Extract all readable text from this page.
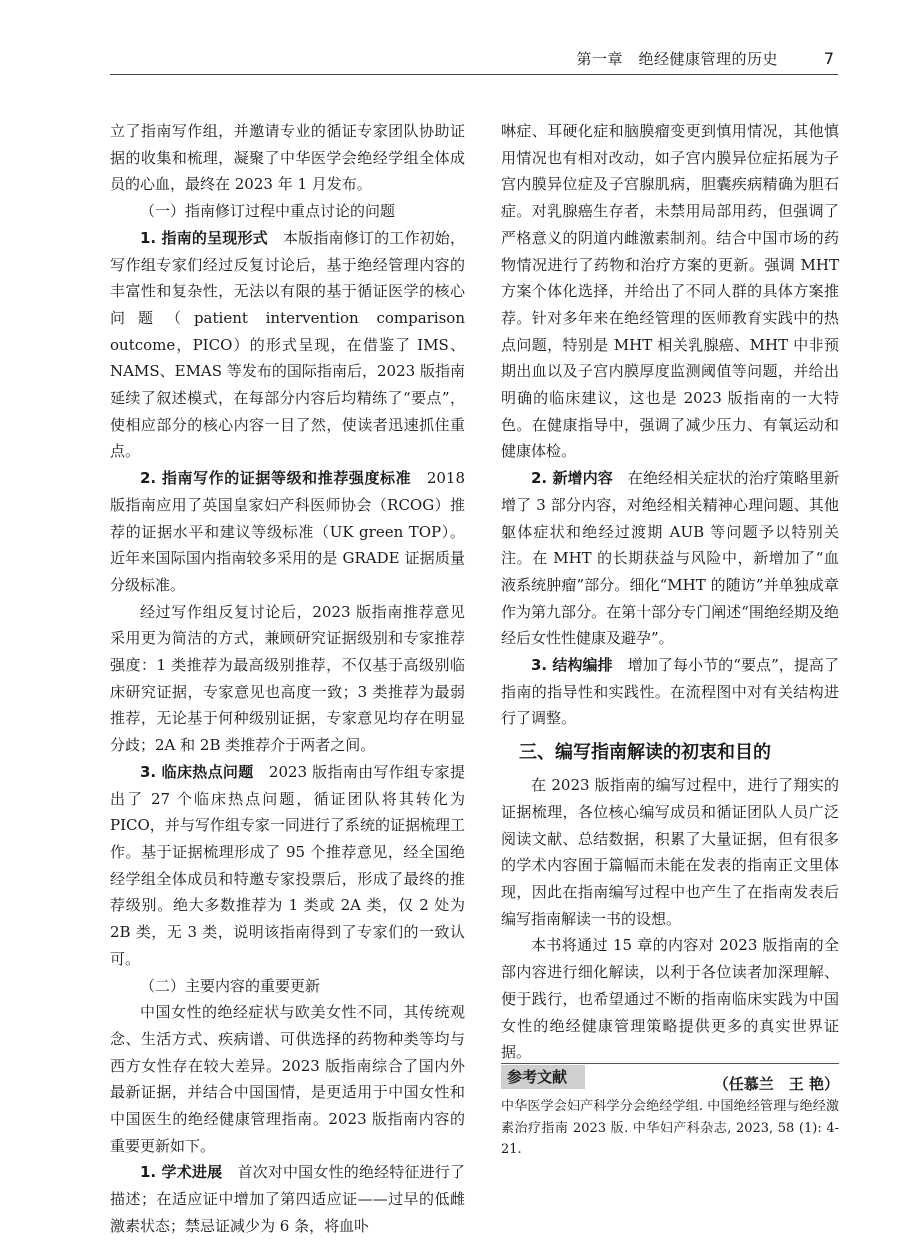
第一章　绝经健康管理的历史	7

立了指南写作组，并邀请专业的循证专家团队协助证据的收集和梳理，凝聚了中华医学会绝经学组全体成员的心血，最终在 2023 年 1 月发布。

（一）指南修订过程中重点讨论的问题

1. 指南的呈现形式　 本版指南修订的工作初始，写作组专家们经过反复讨论后，基于绝经管理内容的丰富性和复杂性，无法以有限的基于循证医学的核心问题（patient intervention comparison outcome，PICO）的形式呈现，在借鉴了 IMS、NAMS、EMAS 等发布的国际指南后，2023 版指南延续了叙述模式，在每部分内容后均精练了“要点”，使相应部分的核心内容一目了然，使读者迅速抓住重点。

2. 指南写作的证据等级和推荐强度标准　 2018 版指南应用了英国皇家妇产科医师协会（RCOG）推荐的证据水平和建议等级标准（UK green TOP）。近年来国际国内指南较多采用的是 GRADE 证据质量分级标准。

经过写作组反复讨论后，2023 版指南推荐意见采用更为简洁的方式，兼顾研究证据级别和专家推荐强度：1 类推荐为最高级别推荐，不仅基于高级别临床研究证据，专家意见也高度一致；3 类推荐为最弱推荐，无论基于何种级别证据，专家意见均存在明显分歧；2A 和 2B 类推荐介于两者之间。

3. 临床热点问题　 2023 版指南由写作组专家提出了 27 个临床热点问题，循证团队将其转化为 PICO，并与写作组专家一同进行了系统的证据梳理工作。基于证据梳理形成了 95 个推荐意见，经全国绝经学组全体成员和特邀专家投票后，形成了最终的推荐级别。绝大多数推荐为 1 类或 2A 类，仅 2 处为 2B 类，无 3 类，说明该指南得到了专家们的一致认可。

（二）主要内容的重要更新

中国女性的绝经症状与欧美女性不同，其传统观念、生活方式、疾病谱、可供选择的药物种类等均与西方女性存在较大差异。2023 版指南综合了国内外最新证据，并结合中国国情，是更适用于中国女性和中国医生的绝经健康管理指南。2023 版指南内容的重要更新如下。

1. 学术进展　 首次对中国女性的绝经特征进行了描述；在适应证中增加了第四适应证——过早的低雌激素状态；禁忌证减少为 6 条，将血卟

啉症、耳硬化症和脑膜瘤变更到慎用情况，其他慎用情况也有相对改动，如子宫内膜异位症拓展为子宫内膜异位症及子宫腺肌病，胆囊疾病精确为胆石症。对乳腺癌生存者，未禁用局部用药，但强调了严格意义的阴道内雌激素制剂。结合中国市场的药物情况进行了药物和治疗方案的更新。强调 MHT 方案个体化选择，并给出了不同人群的具体方案推荐。针对多年来在绝经管理的医师教育实践中的热点问题，特别是 MHT 相关乳腺癌、MHT 中非预期出血以及子宫内膜厚度监测阈值等问题，并给出明确的临床建议，这也是 2023 版指南的一大特色。在健康指导中，强调了减少压力、有氧运动和健康体检。

2. 新增内容　 在绝经相关症状的治疗策略里新增了 3 部分内容，对绝经相关精神心理问题、其他躯体症状和绝经过渡期 AUB 等问题予以特别关注。在 MHT 的长期获益与风险中，新增加了“血液系统肿瘤”部分。细化“MHT 的随访”并单独成章作为第九部分。在第十部分专门阐述“围绝经期及绝经后女性性健康及避孕”。

3. 结构编排　 增加了每小节的“要点”，提高了指南的指导性和实践性。在流程图中对有关结构进行了调整。

三、编写指南解读的初衷和目的

在 2023 版指南的编写过程中，进行了翔实的证据梳理，各位核心编写成员和循证团队人员广泛阅读文献、总结数据，积累了大量证据，但有很多的学术内容囿于篇幅而未能在发表的指南正文里体现，因此在指南编写过程中也产生了在指南发表后编写指南解读一书的设想。

本书将通过 15 章的内容对 2023 版指南的全部内容进行细化解读，以利于各位读者加深理解、便于践行，也希望通过不断的指南临床实践为中国女性的绝经健康管理策略提供更多的真实世界证据。

（任慕兰　王 艳）
参考文献

中华医学会妇产科学分会绝经学组. 中国绝经管理与绝经激素治疗指南 2023 版. 中华妇产科杂志, 2023, 58 (1): 4-21.
